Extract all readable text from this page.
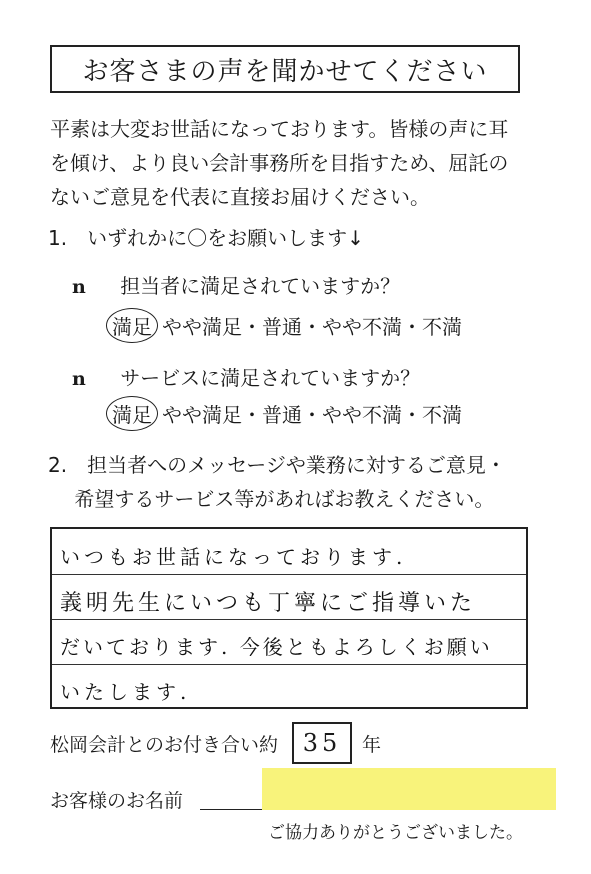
お客さまの声を聞かせてください
平素は大変お世話になっております。皆様の声に耳
を傾け、より良い会計事務所を目指すため、屈託の
ないご意見を代表に直接お届けください。
1.　いずれかに〇をお願いします↓
n 担当者に満足されていますか？
満足 やや満足・普通・やや不満・不満
n サービスに満足されていますか？
満足 やや満足・普通・やや不満・不満
2.　担当者へのメッセージや業務に対するご意見・
　 希望するサービス等があればお教えください。
いつもお世話になっております.
義明先生にいつも丁寧にご指導いた
だいております. 今後ともよろしくお願い
いたします.
松岡会計とのお付き合い約	35	年
お客様のお名前
ご協力ありがとうございました。
